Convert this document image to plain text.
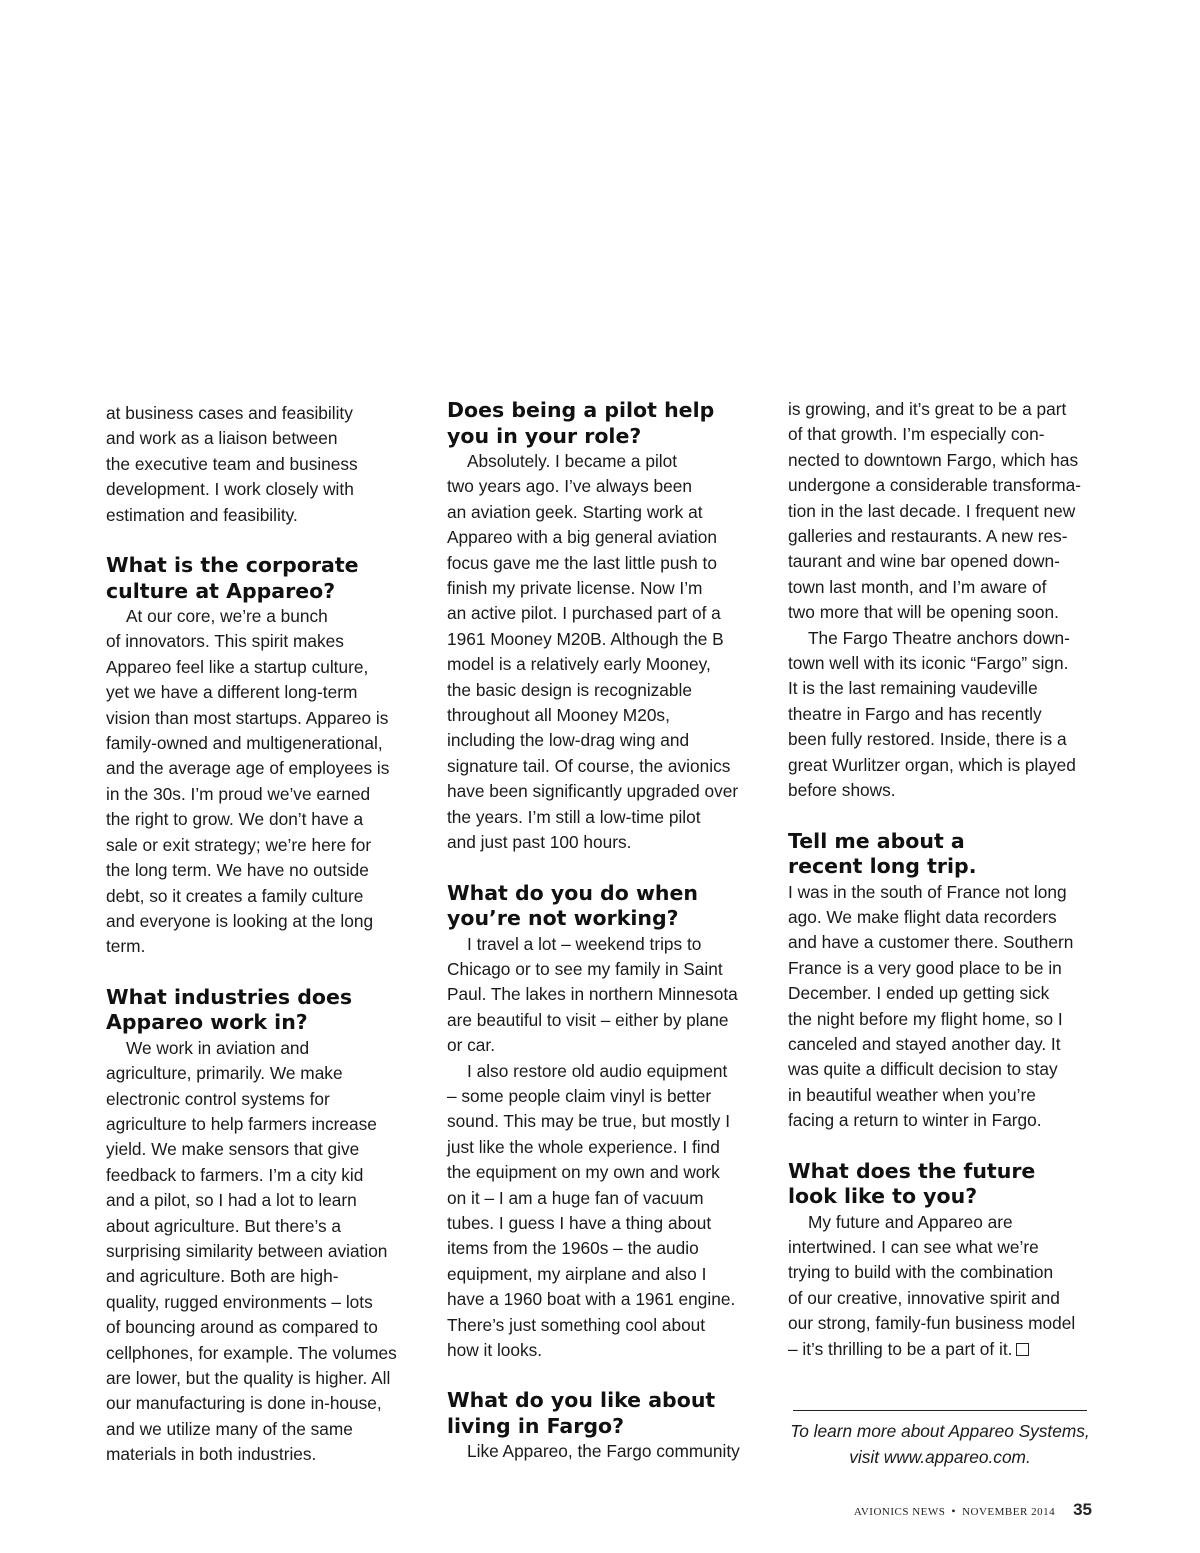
at business cases and feasibility
and work as a liaison between
the executive team and business
development. I work closely with
estimation and feasibility.

What is the corporate
culture at Appareo?

At our core, we’re a bunch
of innovators. This spirit makes
Appareo feel like a startup culture,
yet we have a different long-term
vision than most startups. Appareo is
family-owned and multigenerational,
and the average age of employees is
in the 30s. I’m proud we’ve earned
the right to grow. We don’t have a
sale or exit strategy; we’re here for
the long term. We have no outside
debt, so it creates a family culture
and everyone is looking at the long
term.

What industries does
Appareo work in?

We work in aviation and
agriculture, primarily. We make
electronic control systems for
agriculture to help farmers increase
yield. We make sensors that give
feedback to farmers. I’m a city kid
and a pilot, so I had a lot to learn
about agriculture. But there’s a
surprising similarity between aviation
and agriculture. Both are high-
quality, rugged environments – lots
of bouncing around as compared to
cellphones, for example. The volumes
are lower, but the quality is higher. All
our manufacturing is done in-house,
and we utilize many of the same
materials in both industries.

Does being a pilot help
you in your role?

Absolutely. I became a pilot
two years ago. I’ve always been
an aviation geek. Starting work at
Appareo with a big general aviation
focus gave me the last little push to
finish my private license. Now I’m
an active pilot. I purchased part of a
1961 Mooney M20B. Although the B
model is a relatively early Mooney,
the basic design is recognizable
throughout all Mooney M20s,
including the low-drag wing and
signature tail. Of course, the avionics
have been significantly upgraded over
the years. I’m still a low-time pilot
and just past 100 hours.

What do you do when
you’re not working?

I travel a lot – weekend trips to
Chicago or to see my family in Saint
Paul. The lakes in northern Minnesota
are beautiful to visit – either by plane
or car.

I also restore old audio equipment
– some people claim vinyl is better
sound. This may be true, but mostly I
just like the whole experience. I find
the equipment on my own and work
on it – I am a huge fan of vacuum
tubes. I guess I have a thing about
items from the 1960s – the audio
equipment, my airplane and also I
have a 1960 boat with a 1961 engine.
There’s just something cool about
how it looks.

What do you like about
living in Fargo?

Like Appareo, the Fargo community

is growing, and it’s great to be a part
of that growth. I’m especially con-
nected to downtown Fargo, which has
undergone a considerable transforma-
tion in the last decade. I frequent new
galleries and restaurants. A new res-
taurant and wine bar opened down-
town last month, and I’m aware of
two more that will be opening soon.

The Fargo Theatre anchors down-
town well with its iconic “Fargo” sign.
It is the last remaining vaudeville
theatre in Fargo and has recently
been fully restored. Inside, there is a
great Wurlitzer organ, which is played
before shows.

Tell me about a
recent long trip.

I was in the south of France not long
ago. We make flight data recorders
and have a customer there. Southern
France is a very good place to be in
December. I ended up getting sick
the night before my flight home, so I
canceled and stayed another day. It
was quite a difficult decision to stay
in beautiful weather when you’re
facing a return to winter in Fargo.

What does the future
look like to you?

My future and Appareo are
intertwined. I can see what we’re
trying to build with the combination
of our creative, innovative spirit and
our strong, family-fun business model
– it’s thrilling to be a part of it.

To learn more about Appareo Systems,
visit www.appareo.com.
AVIONICS NEWS • NOVEMBER 2014 35
